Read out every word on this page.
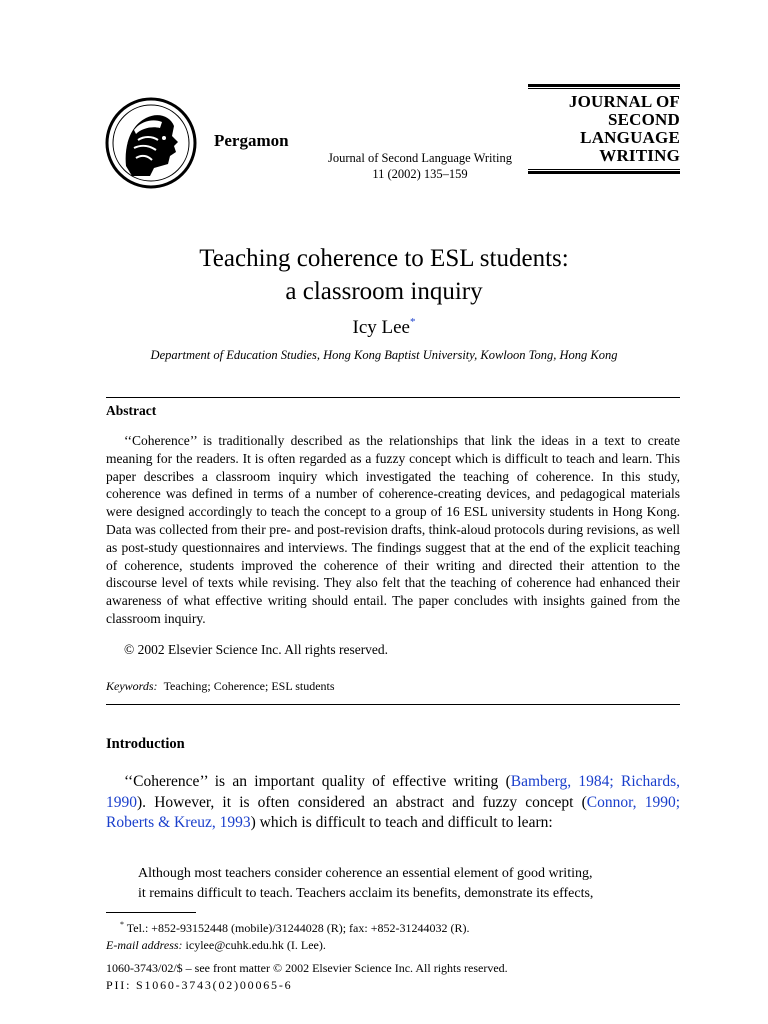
Pergamon
Journal of Second Language Writing
11 (2002) 135–159
JOURNAL OF
SECOND
LANGUAGE
WRITING
Teaching coherence to ESL students:
a classroom inquiry
Icy Lee*
Department of Education Studies, Hong Kong Baptist University, Kowloon Tong, Hong Kong
Abstract
‘‘Coherence’’ is traditionally described as the relationships that link the ideas in a text to create meaning for the readers. It is often regarded as a fuzzy concept which is difficult to teach and learn. This paper describes a classroom inquiry which investigated the teaching of coherence. In this study, coherence was defined in terms of a number of coherence-creating devices, and pedagogical materials were designed accordingly to teach the concept to a group of 16 ESL university students in Hong Kong. Data was collected from their pre- and post-revision drafts, think-aloud protocols during revisions, as well as post-study questionnaires and interviews. The findings suggest that at the end of the explicit teaching of coherence, students improved the coherence of their writing and directed their attention to the discourse level of texts while revising. They also felt that the teaching of coherence had enhanced their awareness of what effective writing should entail. The paper concludes with insights gained from the classroom inquiry.
© 2002 Elsevier Science Inc. All rights reserved.
Keywords: Teaching; Coherence; ESL students
Introduction
‘‘Coherence’’ is an important quality of effective writing (Bamberg, 1984; Richards, 1990). However, it is often considered an abstract and fuzzy concept (Connor, 1990; Roberts & Kreuz, 1993) which is difficult to teach and difficult to learn:
Although most teachers consider coherence an essential element of good writing,
it remains difficult to teach. Teachers acclaim its benefits, demonstrate its effects,
* Tel.: +852-93152448 (mobile)/31244028 (R); fax: +852-31244032 (R).
E-mail address: icylee@cuhk.edu.hk (I. Lee).
1060-3743/02/$ – see front matter © 2002 Elsevier Science Inc. All rights reserved.
PII: S1060-3743(02)00065-6
